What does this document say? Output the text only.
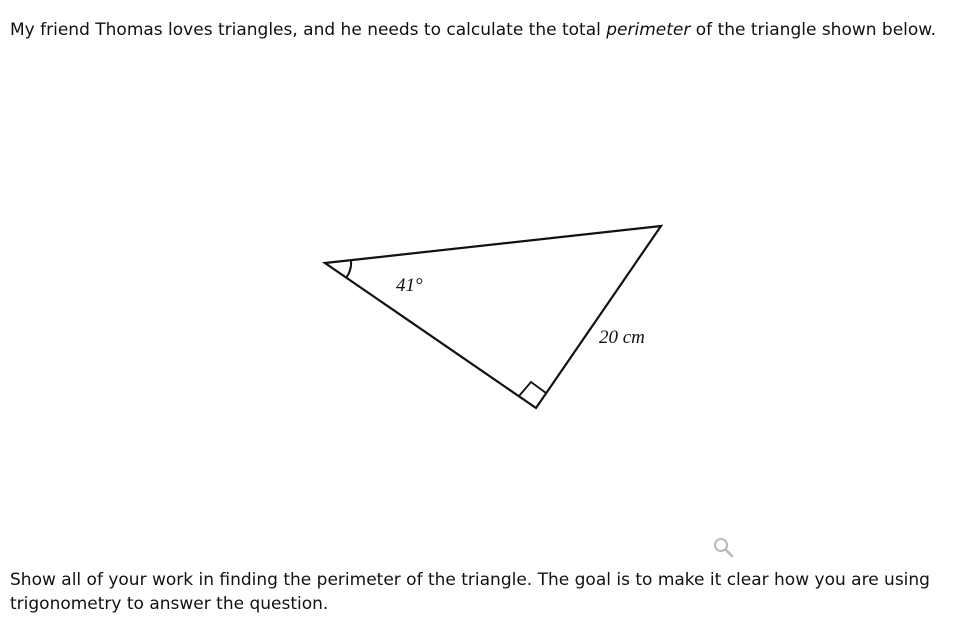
My friend Thomas loves triangles, and he needs to calculate the total perimeter of the triangle shown below.

41°
20 cm

Show all of your work in finding the perimeter of the triangle. The goal is to make it clear how you are using trigonometry to answer the question.
